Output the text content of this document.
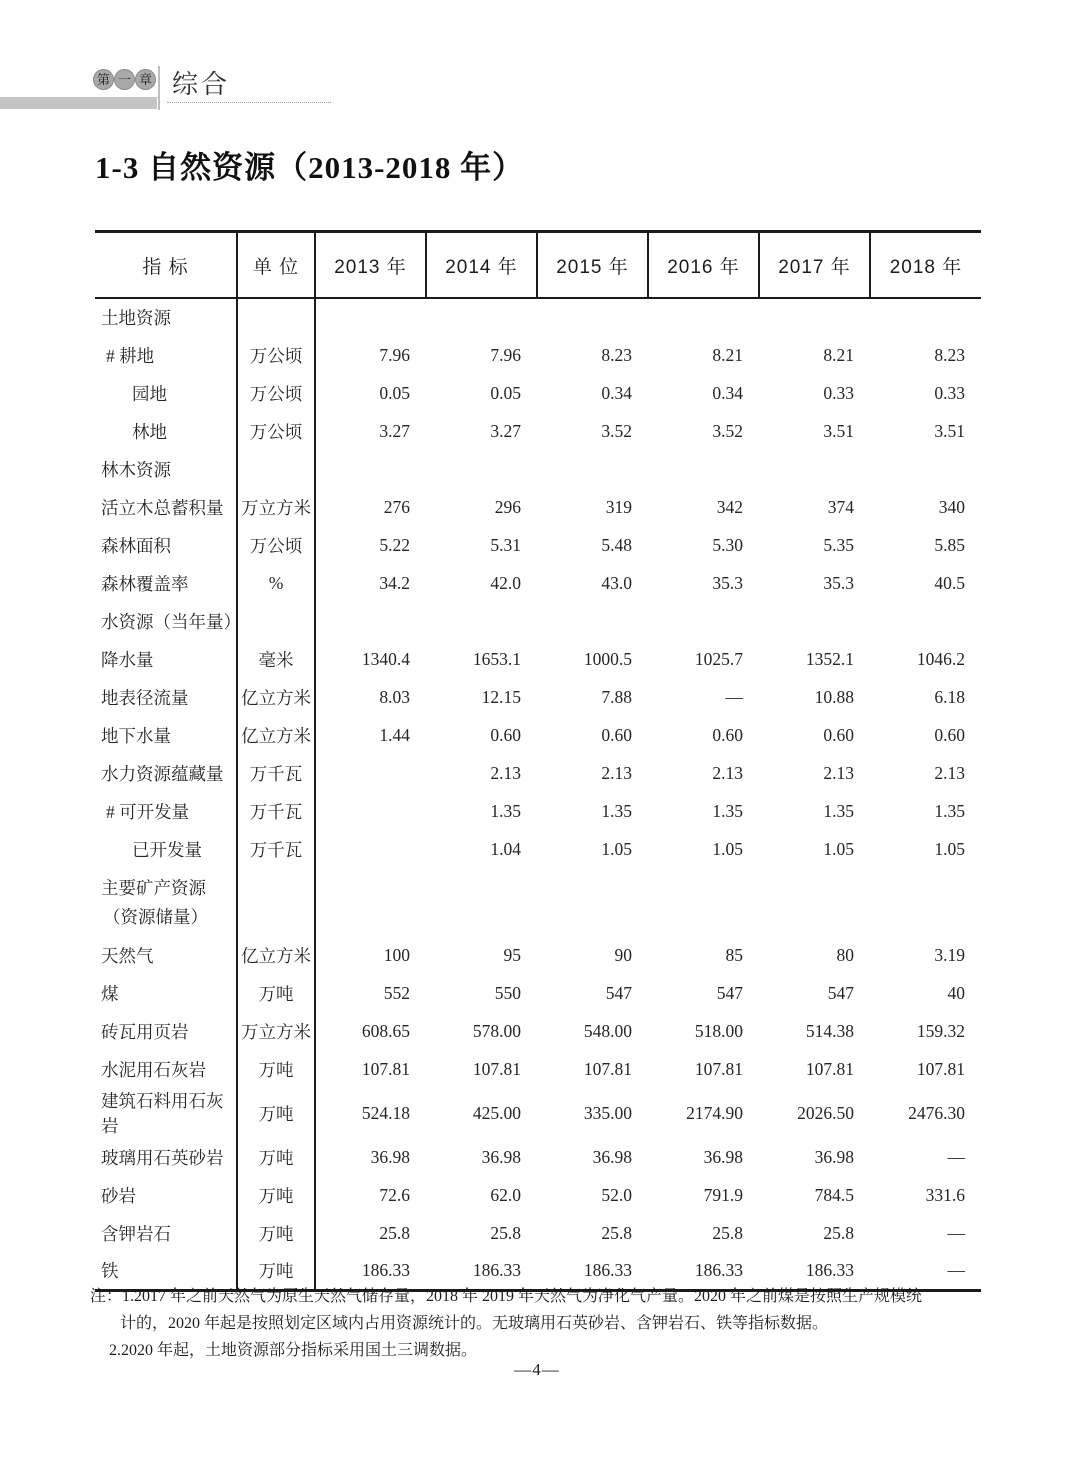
第 一 章 综合
1-3 自然资源（2013-2018 年）
指 标	单 位	2013 年	2014 年	2015 年	2016 年	2017 年	2018 年

土地资源							

# 耕地	万公顷	7.96	7.96	8.23	8.21	8.21	8.23

园地	万公顷	0.05	0.05	0.34	0.34	0.33	0.33

林地	万公顷	3.27	3.27	3.52	3.52	3.51	3.51

林木资源							

活立木总蓄积量	万立方米	276	296	319	342	374	340

森林面积	万公顷	5.22	5.31	5.48	5.30	5.35	5.85

森林覆盖率	%	34.2	42.0	43.0	35.3	35.3	40.5

水资源（当年量）							

降水量	毫米	1340.4	1653.1	1000.5	1025.7	1352.1	1046.2

地表径流量	亿立方米	8.03	12.15	7.88	—	10.88	6.18

地下水量	亿立方米	1.44	0.60	0.60	0.60	0.60	0.60

水力资源蕴藏量	万千瓦		2.13	2.13	2.13	2.13	2.13

# 可开发量	万千瓦		1.35	1.35	1.35	1.35	1.35

已开发量	万千瓦		1.04	1.05	1.05	1.05	1.05

主要矿产资源
（资源储量）							

天然气	亿立方米	100	95	90	85	80	3.19

煤	万吨	552	550	547	547	547	40

砖瓦用页岩	万立方米	608.65	578.00	548.00	518.00	514.38	159.32

水泥用石灰岩	万吨	107.81	107.81	107.81	107.81	107.81	107.81

建筑石料用石灰岩	万吨	524.18	425.00	335.00	2174.90	2026.50	2476.30

玻璃用石英砂岩	万吨	36.98	36.98	36.98	36.98	36.98	—

砂岩	万吨	72.6	62.0	52.0	791.9	784.5	331.6

含钾岩石	万吨	25.8	25.8	25.8	25.8	25.8	—

铁	万吨	186.33	186.33	186.33	186.33	186.33	—
注：1.2017 年之前天然气为原生天然气储存量，2018 年 2019 年天然气为净化气产量。2020 年之前煤是按照生产规模统
计的，2020 年起是按照划定区域内占用资源统计的。无玻璃用石英砂岩、含钾岩石、铁等指标数据。
2.2020 年起，土地资源部分指标采用国土三调数据。
—4—
